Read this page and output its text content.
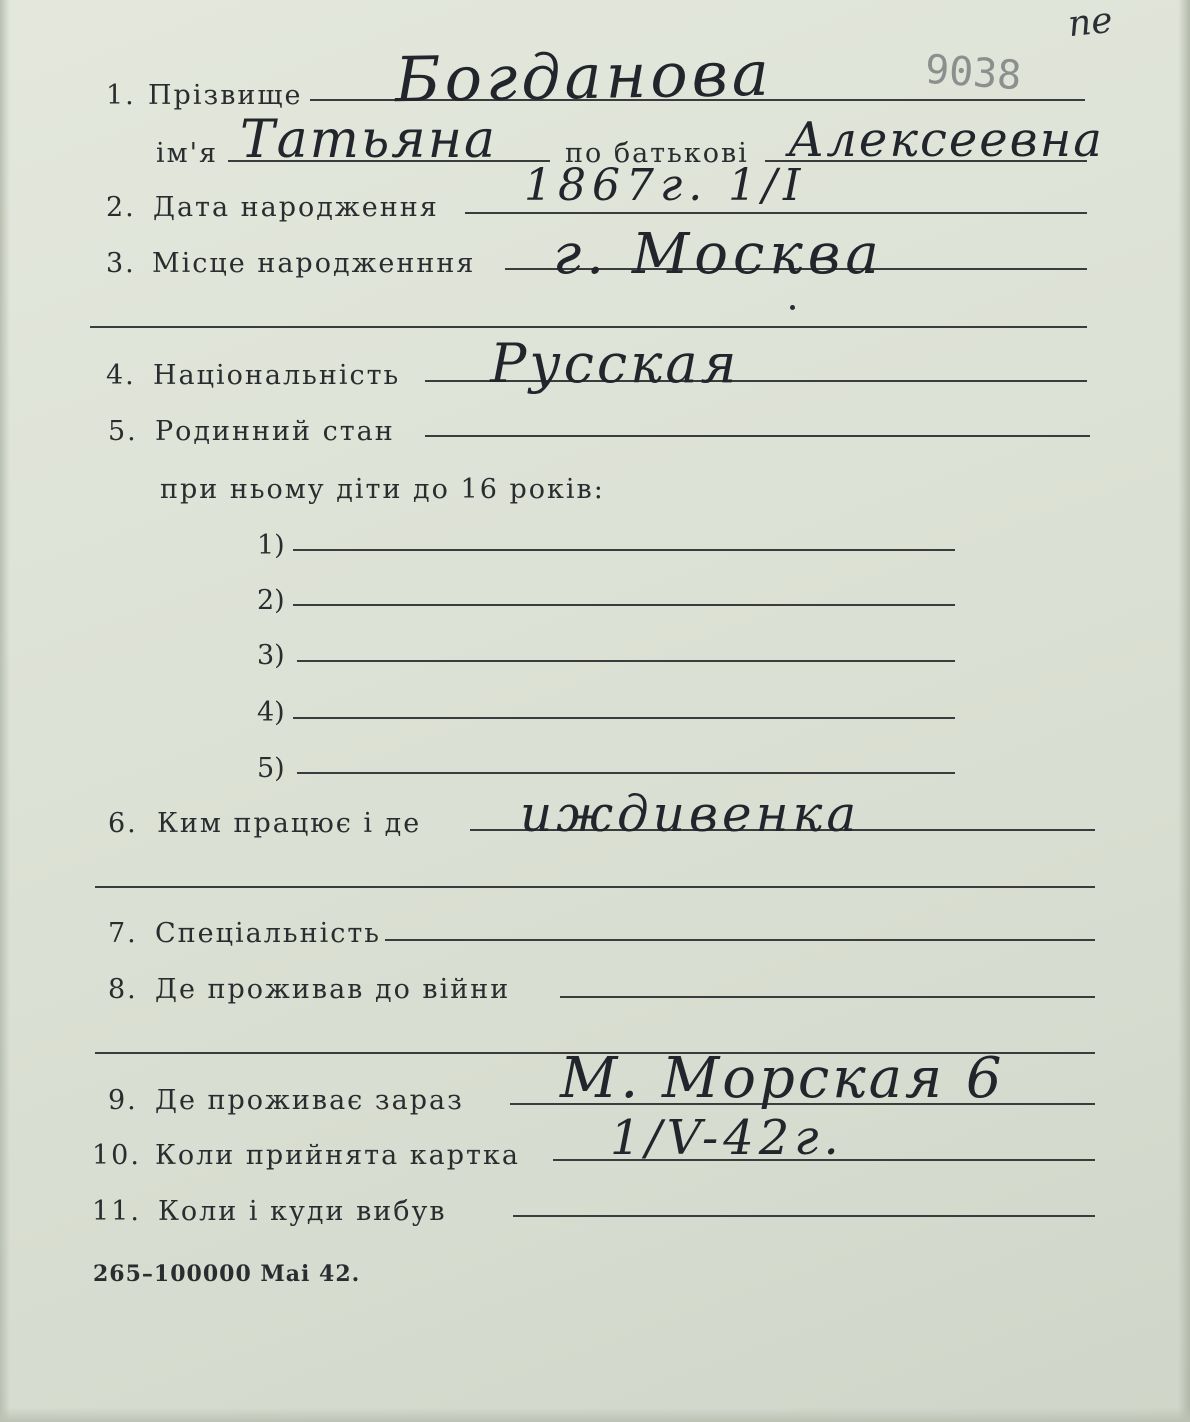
9038
пе
1. Прізвище Богданова
ім'я Татьяна	по батькові Алексеевна
2. Дата народження 1867г. 1/I
3. Місце народженння г. Москва
4. Національність Русская
5. Родинний стан
при ньому діти до 16 років:
1)
2)
3)
4)
5)
6. Ким працює і де иждивенка
7. Спеціальність
8. Де проживав до війни
9. Де проживає зараз М. Морская 6
10. Коли прийнята картка 1/V-42г.
11. Коли і куди вибув
265–100000 Mai 42.
